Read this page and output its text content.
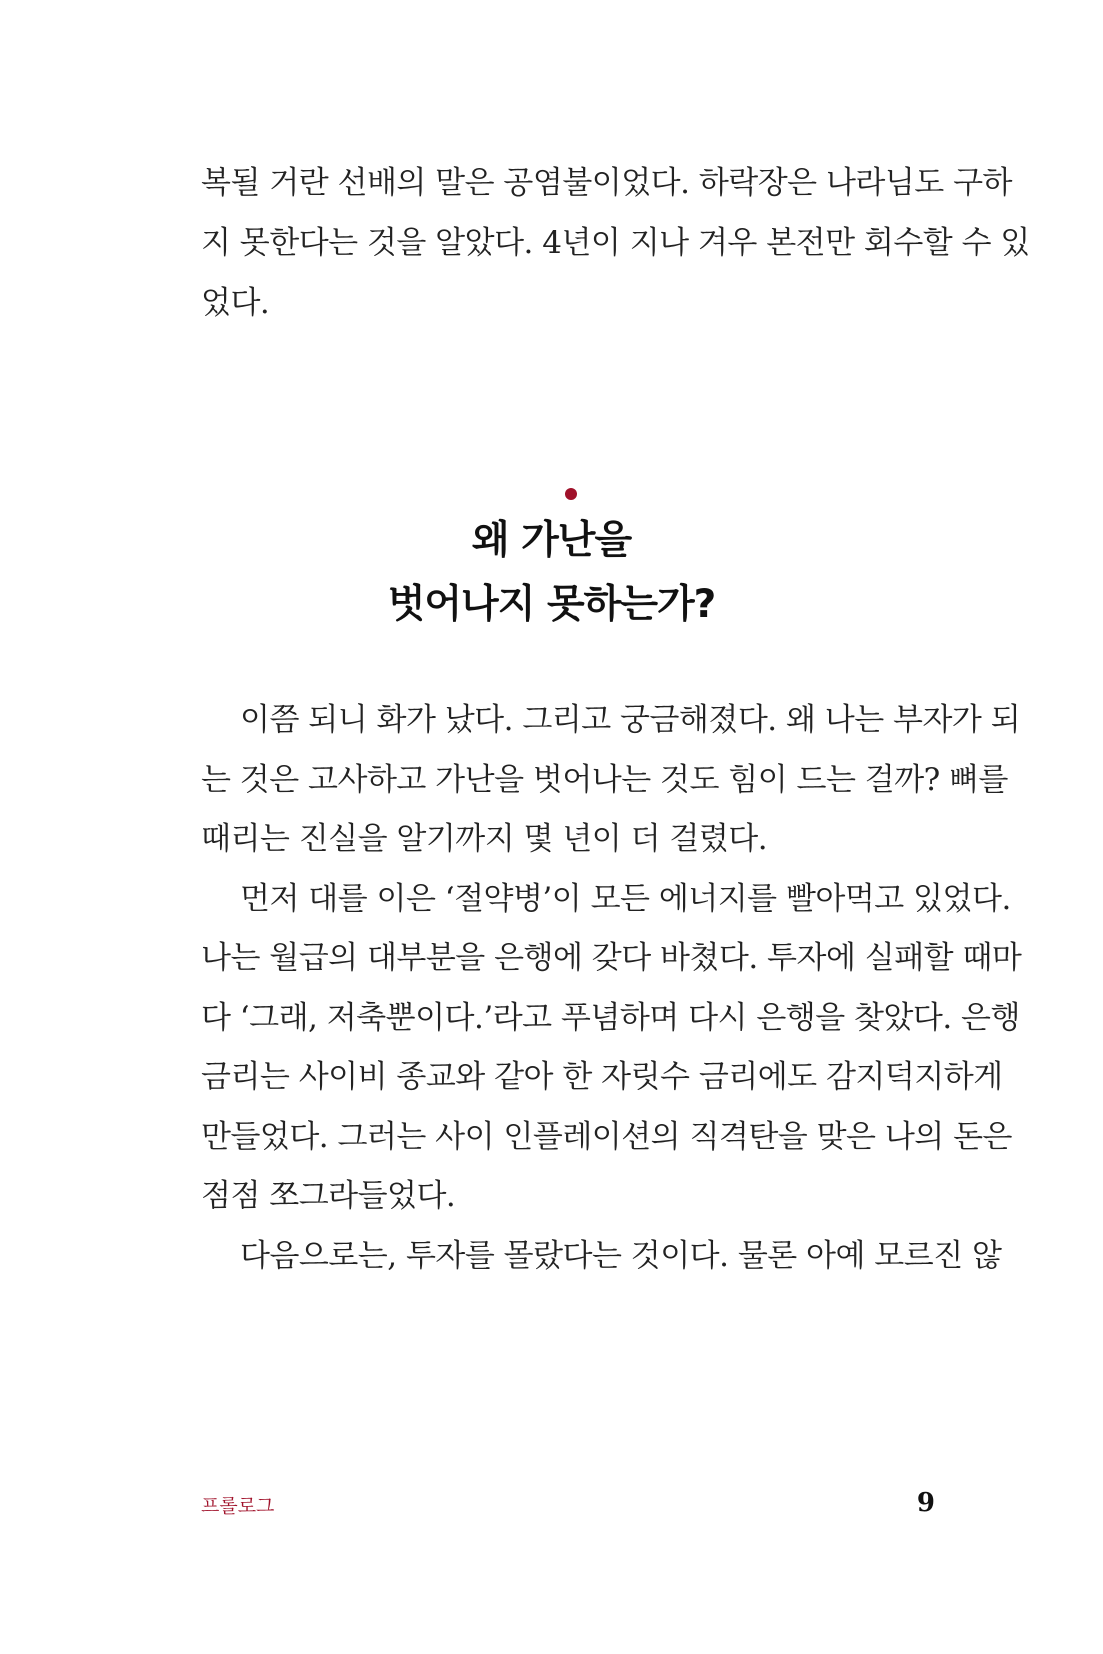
복될 거란 선배의 말은 공염불이었다. 하락장은 나라님도 구하
지 못한다는 것을 알았다. 4년이 지나 겨우 본전만 회수할 수 있
었다.
왜 가난을
벗어나지 못하는가?
이쯤 되니 화가 났다. 그리고 궁금해졌다. 왜 나는 부자가 되
는 것은 고사하고 가난을 벗어나는 것도 힘이 드는 걸까? 뼈를
때리는 진실을 알기까지 몇 년이 더 걸렸다.
먼저 대를 이은 ‘절약병’이 모든 에너지를 빨아먹고 있었다.
나는 월급의 대부분을 은행에 갖다 바쳤다. 투자에 실패할 때마
다 ‘그래, 저축뿐이다.’라고 푸념하며 다시 은행을 찾았다. 은행
금리는 사이비 종교와 같아 한 자릿수 금리에도 감지덕지하게
만들었다. 그러는 사이 인플레이션의 직격탄을 맞은 나의 돈은
점점 쪼그라들었다.
다음으로는, 투자를 몰랐다는 것이다. 물론 아예 모르진 않
프롤로그	9
